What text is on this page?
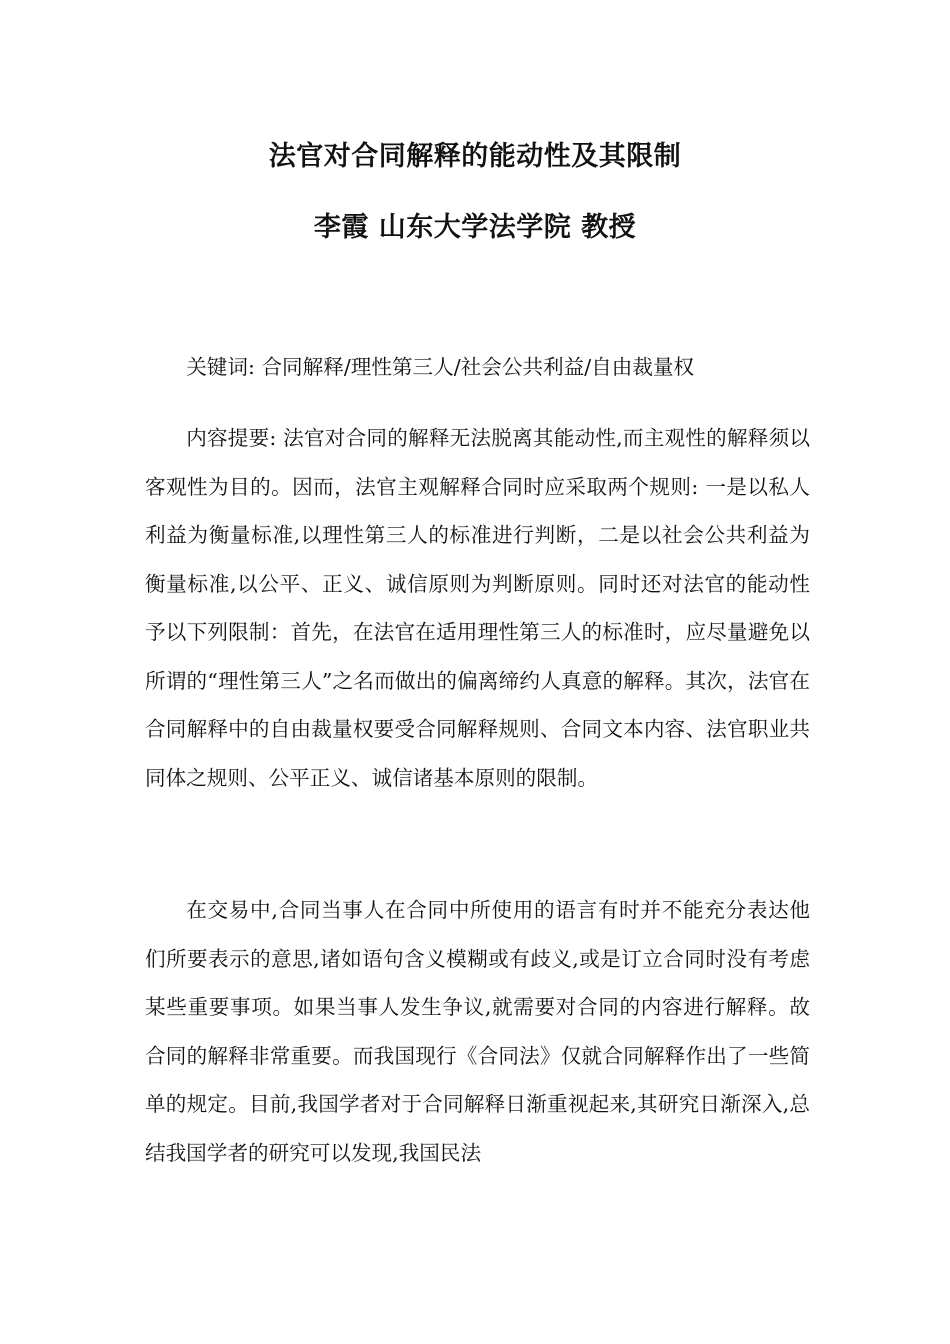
法官对合同解释的能动性及其限制
李霞 山东大学法学院 教授

关键词: 合同解释/理性第三人/社会公共利益/自由裁量权

内容提要: 法官对合同的解释无法脱离其能动性,而主观性的解释须以客观性为目的。因而，法官主观解释合同时应采取两个规则: 一是以私人利益为衡量标准,以理性第三人的标准进行判断，二是以社会公共利益为衡量标准,以公平、正义、诚信原则为判断原则。同时还对法官的能动性予以下列限制：首先，在法官在适用理性第三人的标准时，应尽量避免以所谓的“理性第三人”之名而做出的偏离缔约人真意的解释。其次，法官在合同解释中的自由裁量权要受合同解释规则、合同文本内容、法官职业共同体之规则、公平正义、诚信诸基本原则的限制。

在交易中,合同当事人在合同中所使用的语言有时并不能充分表达他们所要表示的意思,诸如语句含义模糊或有歧义,或是订立合同时没有考虑某些重要事项。如果当事人发生争议,就需要对合同的内容进行解释。故合同的解释非常重要。而我国现行《合同法》仅就合同解释作出了一些简单的规定。目前,我国学者对于合同解释日渐重视起来,其研究日渐深入,总结我国学者的研究可以发现,我国民法
